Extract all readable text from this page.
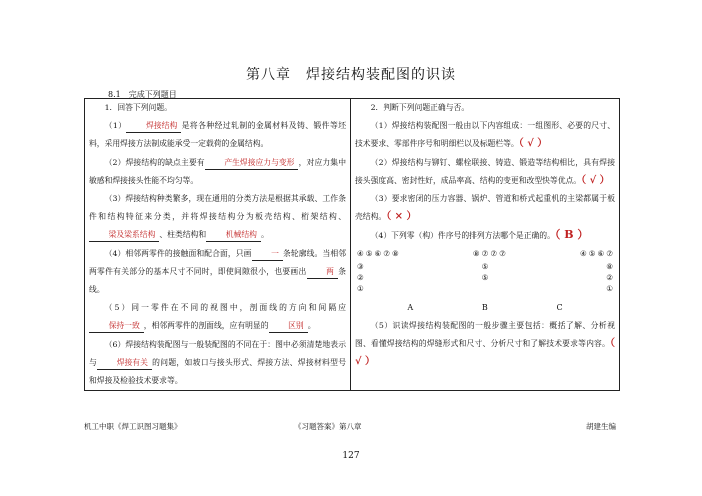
第八章　焊接结构装配图的识读
8.1　完成下列题目

1．回答下列问题。

（1）	焊接结构 是将各种经过轧制的金属材料及铸、锻件等坯料，采用焊接方法制成能承受一定载荷的金属结构。

（2）焊接结构的缺点主要有	产生焊接应力与变形 ，对应力集中敏感和焊接接头性能不均匀等。

（3）焊接结构种类繁多，现在通用的分类方法是根据其承载、工作条件和结构特征来分类，并将焊接结构分为板壳结构、桁架结构、梁及梁系结构 、柱类结构和	机械结构 。

（4）相邻两零件的接触面和配合面，只画	一 条轮廓线。当相邻两零件有关部分的基本尺寸不同时，即使间隙很小，也要画出	两 条线。

（5）同一零件在不同的视图中，剖面线的方向和间隔应保持一致 ，相邻两零件的剖面线，应有明显的	区别 。

（6）焊接结构装配图与一般装配图的不同在于：图中必须清楚地表示与	焊接有关 的问题，如坡口与接头形式、焊接方法、焊接材料型号和焊接及检验技术要求等。

2．判断下列问题正确与否。

（1）焊接结构装配图一般由以下内容组成：一组图形、必要的尺寸、技术要求、零部件序号和明细栏以及标题栏等。（ √ ）

（2）焊接结构与铆钉、螺栓联接、铸造、锻造等结构相比，具有焊接接头强度高、密封性好，成品率高、结构的变更和改型快等优点。（ √ ）

（3）要求密闭的压力容器、锅炉、管道和桥式起重机的主梁都属于板壳结构。（ × ）

（4）下列零（构）件序号的排列方法哪个是正确的。（ B ）

④ ⑤ ⑥ ⑦ ⑧	⑧ ⑦ ⑦ ⑦	④ ⑤ ⑥ ⑦
③
②
①
⑤
⑤
⑧
②
①
A	B	C

（5）识读焊接结构装配图的一般步骤主要包括：概括了解、分析视图、看懂焊接结构的焊缝形式和尺寸、分析尺寸和了解技术要求等内容。（ √ ）

机工中职《焊工识图习题集》	《习题答案》第八章	胡建生编
127
